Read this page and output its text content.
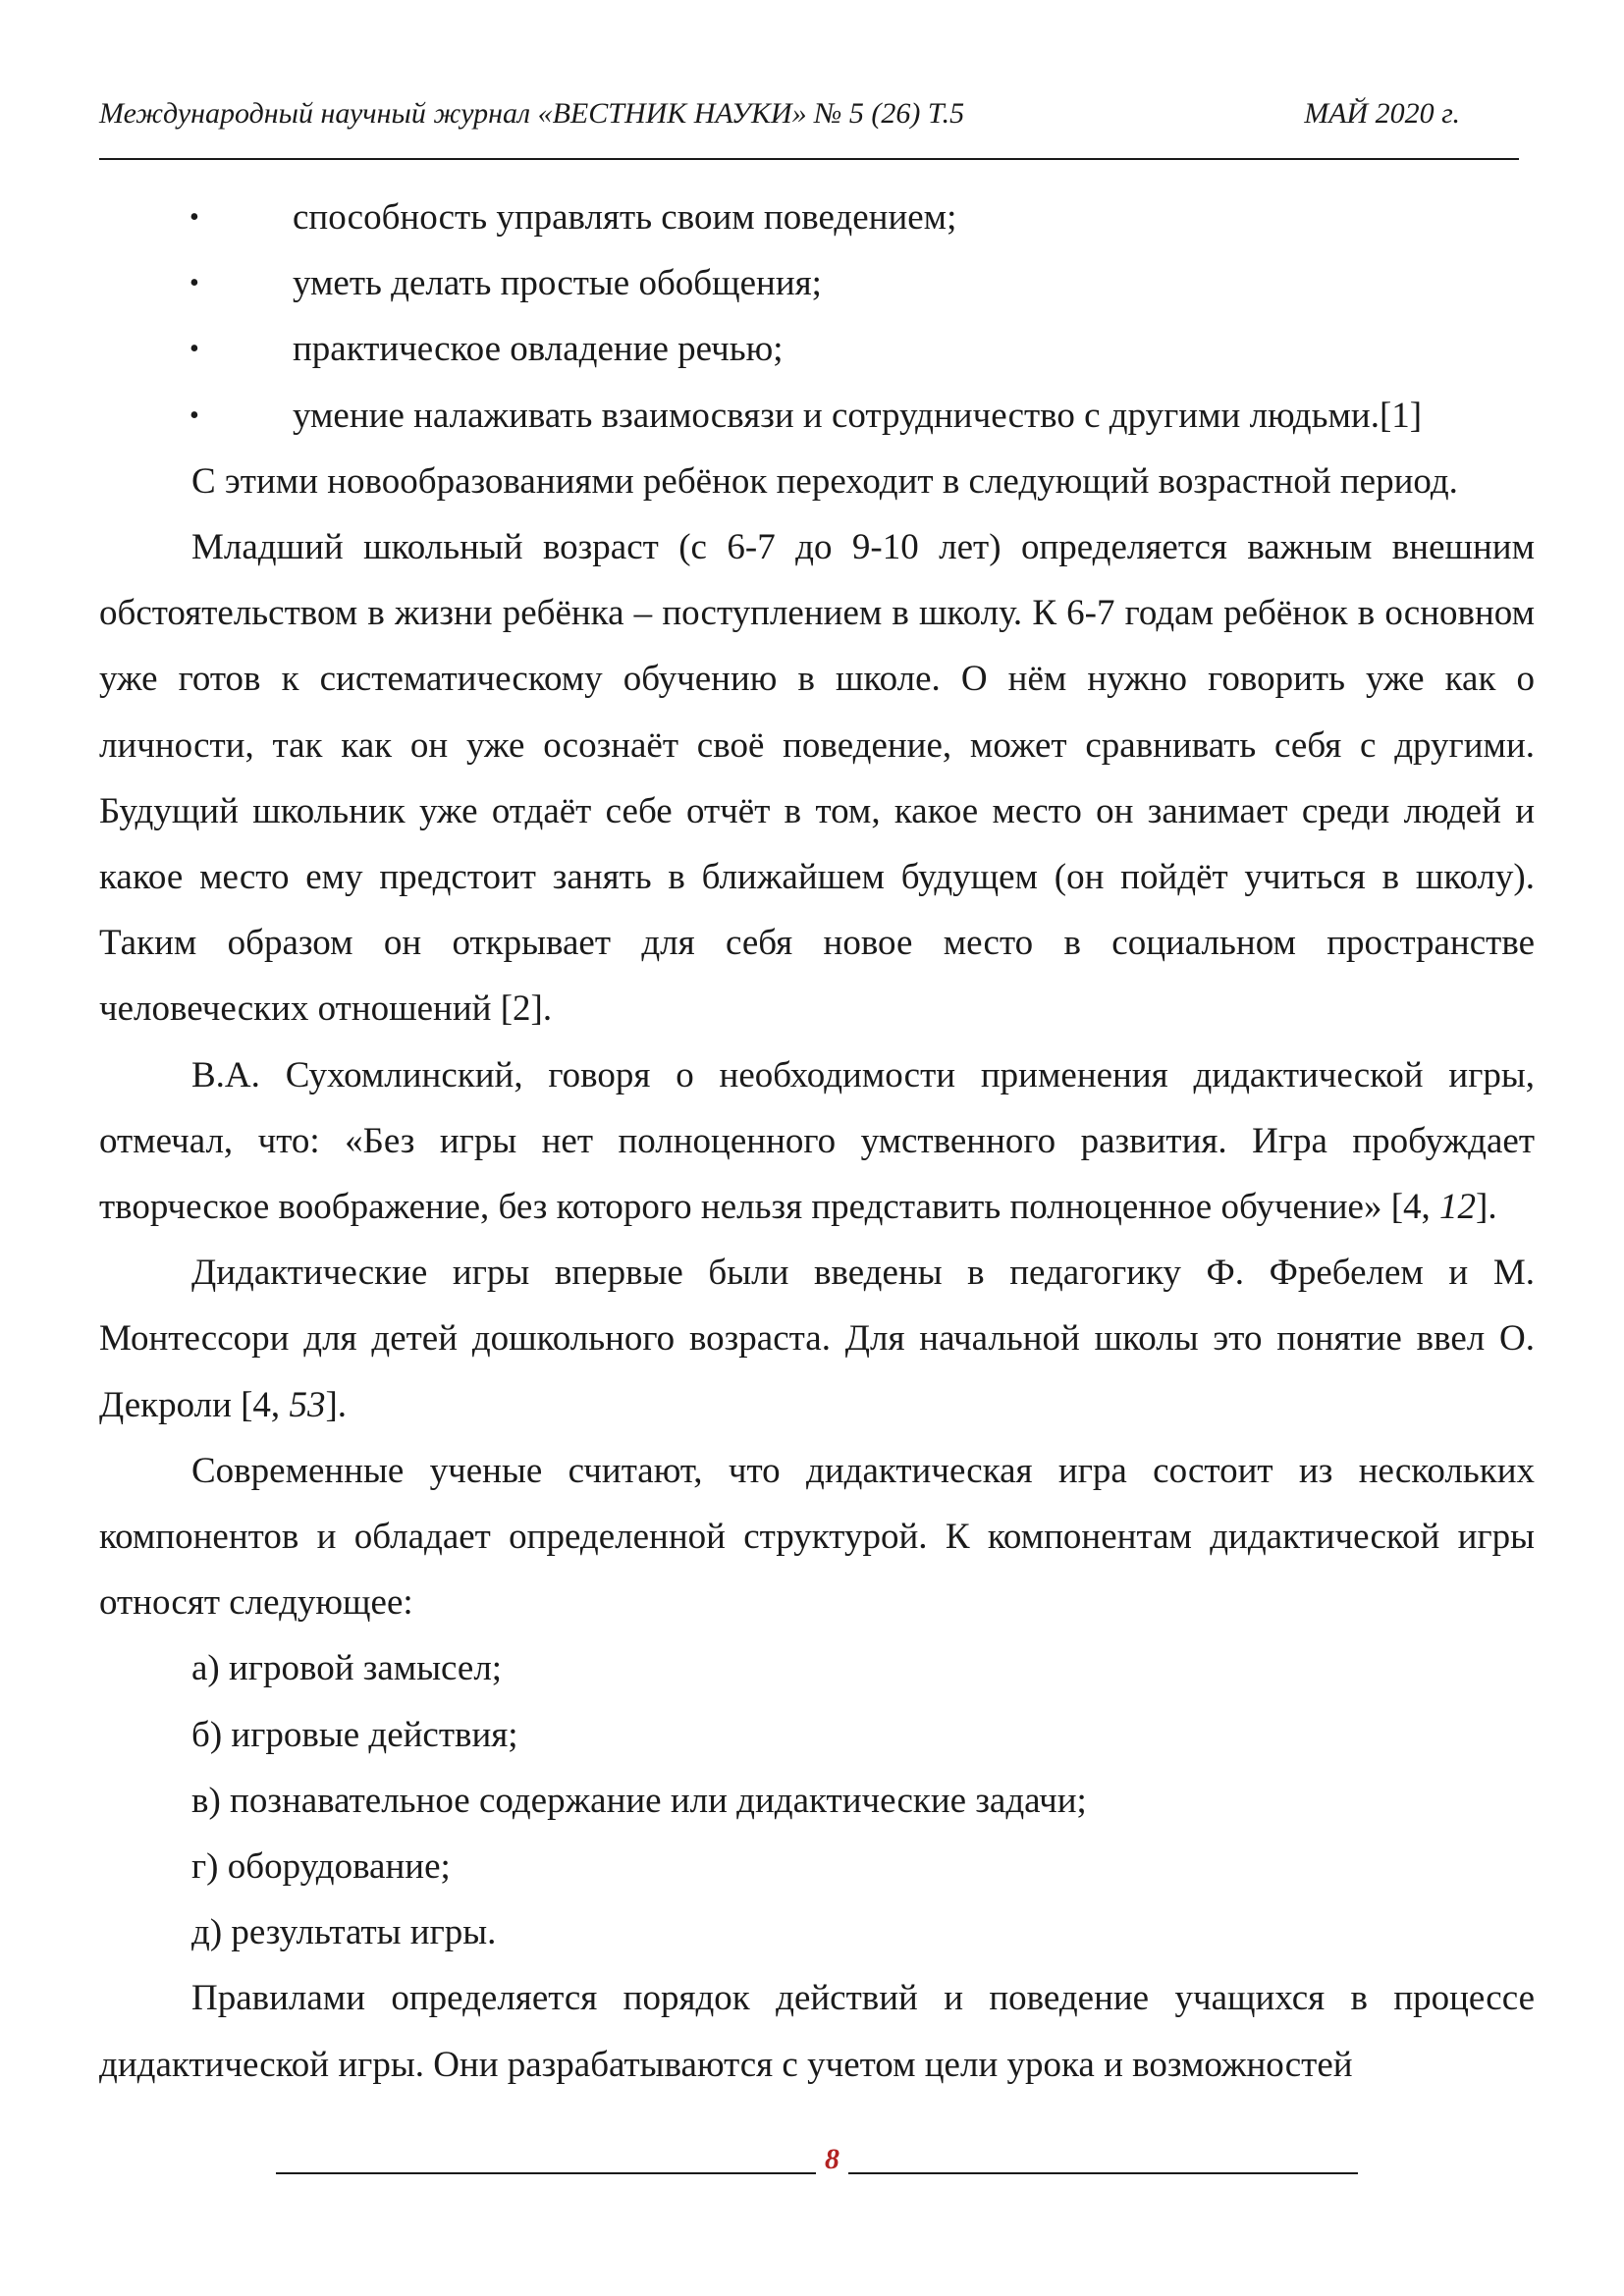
Международный научный журнал «ВЕСТНИК НАУКИ» № 5 (26) Т.5	МАЙ 2020 г.
•	способность управлять своим поведением;
•	уметь делать простые обобщения;
•	практическое овладение речью;
•	умение налаживать взаимосвязи и сотрудничество с другими людьми.[1]

С этими новообразованиями ребёнок переходит в следующий возрастной период.

Младший школьный возраст (с 6-7 до 9-10 лет) определяется важным внешним обстоятельством в жизни ребёнка – поступлением в школу. К 6-7 годам ребёнок в основном уже готов к систематическому обучению в школе. О нём нужно говорить уже как о личности, так как он уже осознаёт своё поведение, может сравнивать себя с другими. Будущий школьник уже отдаёт себе отчёт в том, какое место он занимает среди людей и какое место ему предстоит занять в ближайшем будущем (он пойдёт учиться в школу). Таким образом он открывает для себя новое место в социальном пространстве человеческих отношений [2].

В.А. Сухомлинский, говоря о необходимости применения дидактической игры, отмечал, что: «Без игры нет полноценного умственного развития. Игра пробуждает творческое воображение, без которого нельзя представить полноценное обучение» [4, 12].

Дидактические игры впервые были введены в педагогику Ф. Фребелем и М. Монтессори для детей дошкольного возраста. Для начальной школы это понятие ввел О. Декроли [4, 53].

Современные ученые считают, что дидактическая игра состоит из нескольких компонентов и обладает определенной структурой. К компонентам дидактической игры относят следующее:

а) игровой замысел;

б) игровые действия;

в) познавательное содержание или дидактические задачи;

г) оборудование;

д) результаты игры.

Правилами определяется порядок действий и поведение учащихся в процессе дидактической игры. Они разрабатываются с учетом цели урока и возможностей

8
